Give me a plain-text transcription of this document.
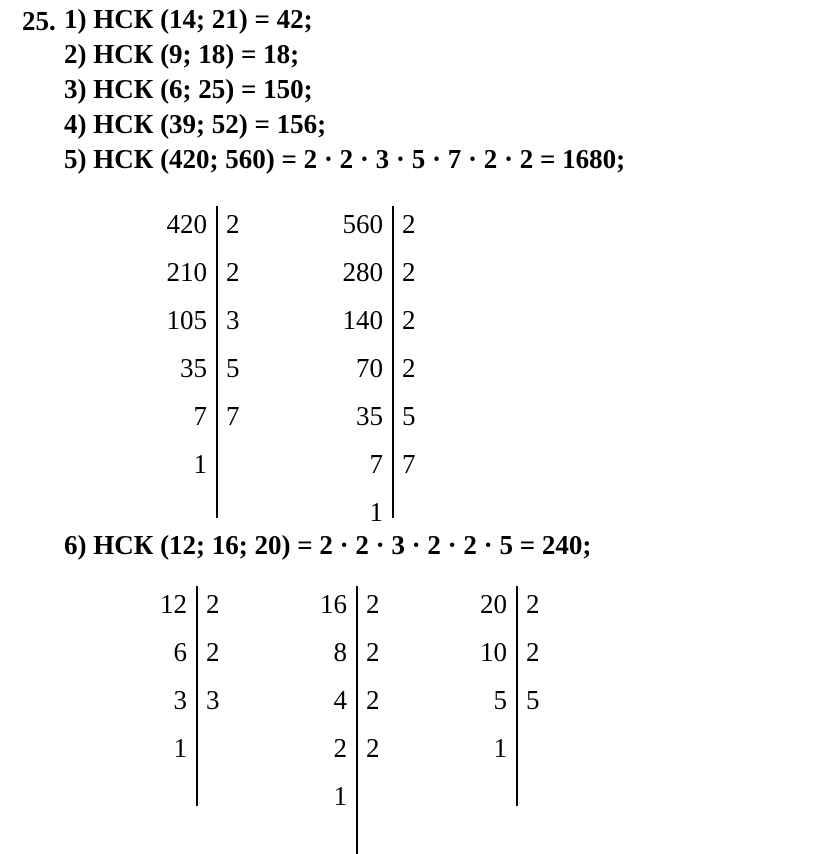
25. 1) НСК (14; 21) = 42;
2) НСК (9; 18) = 18;
3) НСК (6; 25) = 150;
4) НСК (39; 52) = 156;
5) НСК (420; 560) = 2 · 2 · 3 · 5 · 7 · 2 · 2 = 1680;
420
210
105
35
7
1
2
2
3
5
7
560
280
140
70
35
7
1
2
2
2
2
5
7
6) НСК (12; 16; 20) = 2 · 2 · 3 · 2 · 2 · 5 = 240;
12
6
3
1
2
2
3
16
8
4
2
1
2
2
2
2
20
10
5
1
2
2
5
